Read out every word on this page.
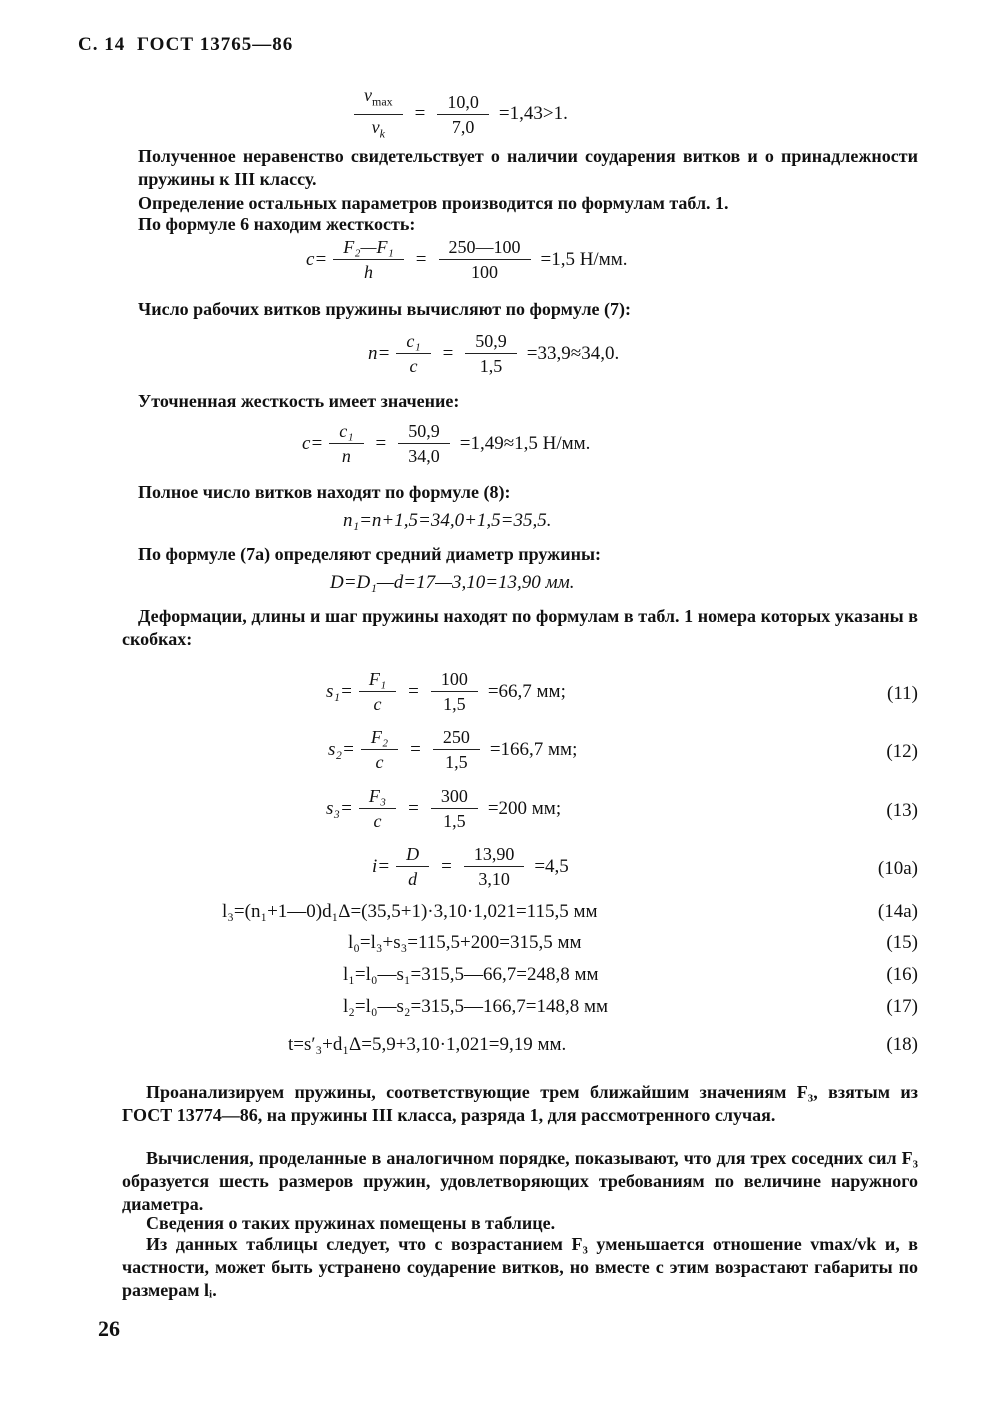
С. 14 ГОСТ 13765—86
$\frac{v_{max}}{v_k} = \frac{10,0}{7,0} =1,43>1$.
Полученное неравенство свидетельствует о наличии соударения витков и о принадлежности пружины к III классу.
Определение остальных параметров производится по формулам табл. 1.
По формуле 6 находим жесткость:
$c= \frac{\text{F₂—F₁}}{h} = \frac{250—100}{100} =1,5$ Н/мм.
Число рабочих витков пружины вычисляют по формуле (7):
$n= \frac{\text{c₁}}{c} = \frac{50,9}{1,5} =33,9\approx 34,0$.
Уточненная жесткость имеет значение:
$c= \frac{\text{c₁}}{n} = \frac{50,9}{34,0} =1,49\approx 1,5$ Н/мм.
Полное число витков находят по формуле (8):
n₁=n+1,5=34,0+1,5=35,5.
По формуле (7а) определяют средний диаметр пружины:
D=D₁—d=17—3,10=13,90 мм.
Деформации, длины и шаг пружины находят по формулам в табл. 1 номера которых указаны в скобках:
$s_1= \frac{\text{F₁}}{c} = \frac{100}{1,5} =66,7$ мм;	(11)
$s_2= \frac{\text{F₂}}{c} = \frac{250}{1,5} =166,7$ мм;	(12)
$s_3= \frac{\text{F₃}}{c} = \frac{300}{1,5} =200$ мм;	(13)
$i= \frac{D}{d} = \frac{13,90}{3,10} =4,5$	(10a)
l₃=(n₁+1—0)d₁Δ=(35,5+1)·3,10·1,021=115,5 мм	(14a)
l₀=l₃+s₃=115,5+200=315,5 мм	(15)
l₁=l₀—s₁=315,5—66,7=248,8 мм	(16)
l₂=l₀—s₂=315,5—166,7=148,8 мм	(17)
t=s′₃+d₁Δ=5,9+3,10·1,021=9,19 мм.	(18)
Проанализируем пружины, соответствующие трем ближайшим значениям F₃, взятым из ГОСТ 13774—86, на пружины III класса, разряда 1, для рассмотренного случая.
Вычисления, проделанные в аналогичном порядке, показывают, что для трех соседних сил F₃ образуется шесть размеров пружин, удовлетворяющих требованиям по величине наружного диаметра.
Сведения о таких пружинах помещены в таблице.
Из данных таблицы следует, что с возрастанием F₃ уменьшается отношение vmax/vk и, в частности, может быть устранено соударение витков, но вместе с этим возрастают габариты по размерам lᵢ.
26
